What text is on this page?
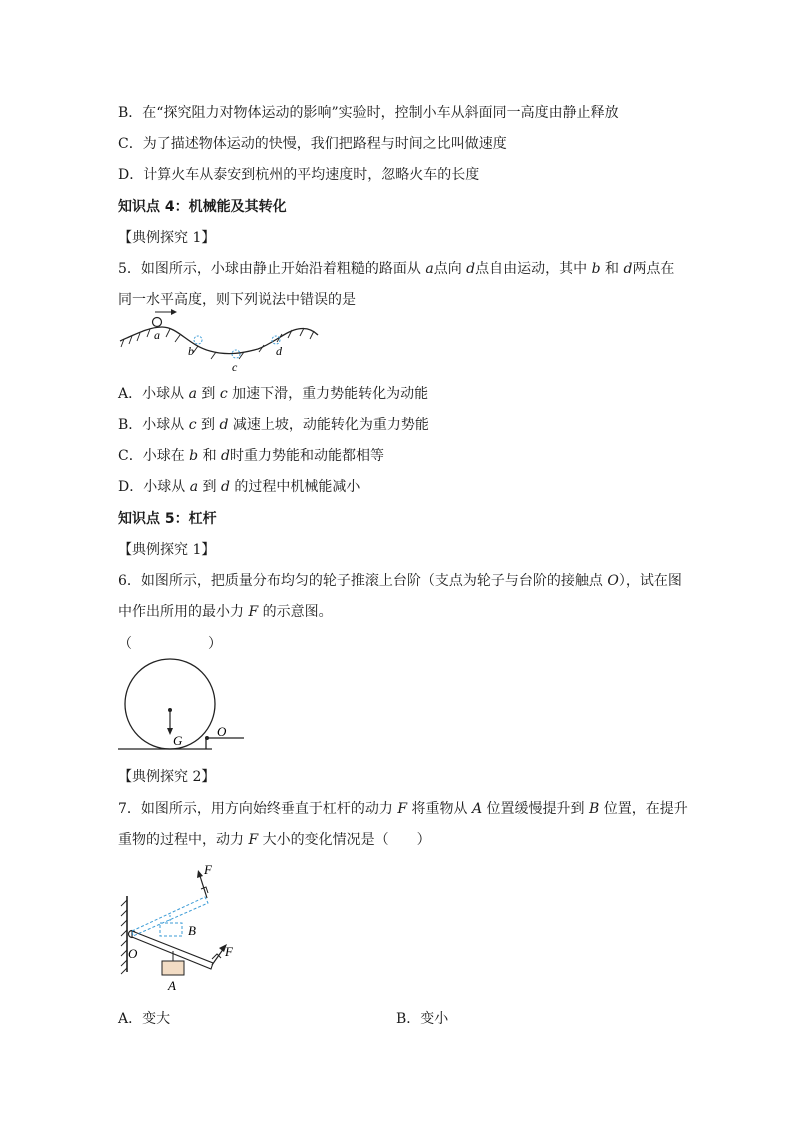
B．在“探究阻力对物体运动的影响”实验时，控制小车从斜面同一高度由静止释放
C．为了描述物体运动的快慢，我们把路程与时间之比叫做速度
D．计算火车从泰安到杭州的平均速度时，忽略火车的长度
知识点 4：机械能及其转化
【典例探究 1】
5．如图所示，小球由静止开始沿着粗糙的路面从 a点向 d点自由运动，其中 b 和 d两点在
同一水平高度，则下列说法中错误的是
a
b
c
d
A．小球从 a 到 c 加速下滑，重力势能转化为动能
B．小球从 c 到 d 减速上坡，动能转化为重力势能
C．小球在 b 和 d时重力势能和动能都相等
D．小球从 a 到 d 的过程中机械能减小
知识点 5：杠杆
【典例探究 1】
6．如图所示，把质量分布均匀的轮子推滚上台阶（支点为轮子与台阶的接触点 O），试在图
中作出所用的最小力 F 的示意图。
（	）
G
O
【典例探究 2】
7．如图所示，用方向始终垂直于杠杆的动力 F 将重物从 A 位置缓慢提升到 B 位置，在提升
重物的过程中，动力 F 大小的变化情况是（　　）
F
B
O	F
A
A．变大	B．变小
